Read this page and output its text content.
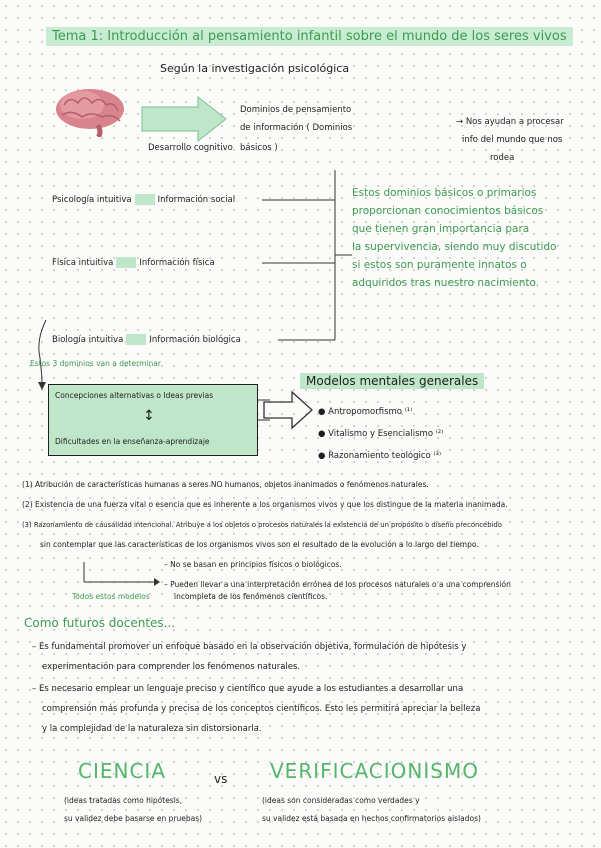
Tema 1: Introducción al pensamiento infantil sobre el mundo de los seres vivos
Según la investigación psicológica
Dominios de pensamiento
de información ( Dominios
Desarrollo cognitivo básicos )
→ Nos ayudan a procesar
info del mundo que nos
rodea
Psicología intuitiva	Información social
Física intuitiva	Información física
Biología intuitiva	Información biológica
Estos dominios básicos o primarios
proporcionan conocimientos básicos
que tienen gran importancia para
la supervivencia, siendo muy discutido
si estos son puramente innatos o
adquiridos tras nuestro nacimiento.
Estos 3 dominios van a determinar
Concepciones alternativas o Ideas previas
↕
Dificultades en la enseñanza-aprendizaje
Modelos mentales generales
● Antropomorfismo ⁽¹⁾
● Vitalismo y Esencialismo ⁽²⁾
● Razonamiento teológico ⁽³⁾
(1) Atribución de características humanas a seres NO humanos, objetos inanimados o fenómenos naturales.
(2) Existencia de una fuerza vital o esencia que es inherente a los organismos vivos y que los distingue de la materia inanimada.
(3) Razonamiento de causalidad intencional. Atribuye a los objetos o procesos naturales la existencia de un propósito o diseño preconcebido
sin contemplar que las características de los organismos vivos son el resultado de la evolución a lo largo del tiempo.
Todos estos modelos
– No se basan en principios físicos o biológicos.
– Pueden llevar a una interpretación errónea de los procesos naturales o a una comprensión
incompleta de los fenómenos científicos.
Como futuros docentes...
– Es fundamental promover un enfoque basado en la observación objetiva, formulación de hipótesis y
experimentación para comprender los fenómenos naturales.
– Es necesario emplear un lenguaje preciso y científico que ayude a los estudiantes a desarrollar una
comprensión más profunda y precisa de los conceptos científicos. Esto les permitirá apreciar la belleza
y la complejidad de la naturaleza sin distorsionarla.
CIENCIA	vs VERIFICACIONISMO
(ideas tratadas como hipótesis,
su validez debe basarse en pruebas)
(ideas son consideradas como verdades y
su validez está basada en hechos confirmatorios aislados)
